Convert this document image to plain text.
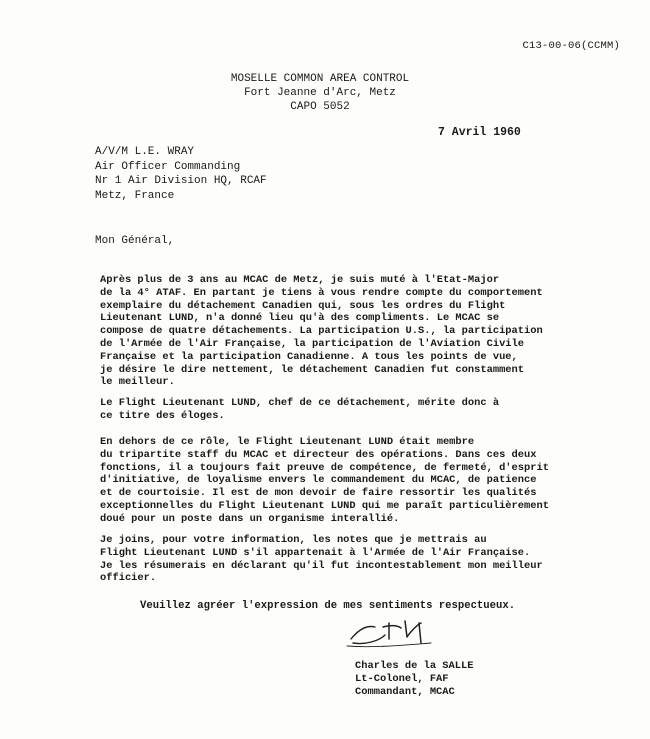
C13-00-06(CCMM)
MOSELLE COMMON AREA CONTROL
Fort Jeanne d'Arc, Metz
CAPO 5052
7 Avril 1960
A/V/M L.E. WRAY
Air Officer Commanding
Nr 1 Air Division HQ, RCAF
Metz, France
Mon Général,
Après plus de 3 ans au MCAC de Metz, je suis muté à l'Etat-Major
de la 4° ATAF. En partant je tiens à vous rendre compte du comportement
exemplaire du détachement Canadien qui, sous les ordres du Flight
Lieutenant LUND, n'a donné lieu qu'à des compliments. Le MCAC se
compose de quatre détachements. La participation U.S., la participation
de l'Armée de l'Air Française, la participation de l'Aviation Civile
Française et la participation Canadienne. A tous les points de vue,
je désire le dire nettement, le détachement Canadien fut constamment
le meilleur.
Le Flight Lieutenant LUND, chef de ce détachement, mérite donc à
ce titre des éloges.
En dehors de ce rôle, le Flight Lieutenant LUND était membre
du tripartite staff du MCAC et directeur des opérations. Dans ces deux
fonctions, il a toujours fait preuve de compétence, de fermeté, d'esprit
d'initiative, de loyalisme envers le commandement du MCAC, de patience
et de courtoisie. Il est de mon devoir de faire ressortir les qualités
exceptionnelles du Flight Lieutenant LUND qui me paraît particulièrement
doué pour un poste dans un organisme interallié.
Je joins, pour votre information, les notes que je mettrais au
Flight Lieutenant LUND s'il appartenait à l'Armée de l'Air Française.
Je les résumerais en déclarant qu'il fut incontestablement mon meilleur
officier.
Veuillez agréer l'expression de mes sentiments respectueux.
Charles de la SALLE
Lt-Colonel, FAF
Commandant, MCAC
